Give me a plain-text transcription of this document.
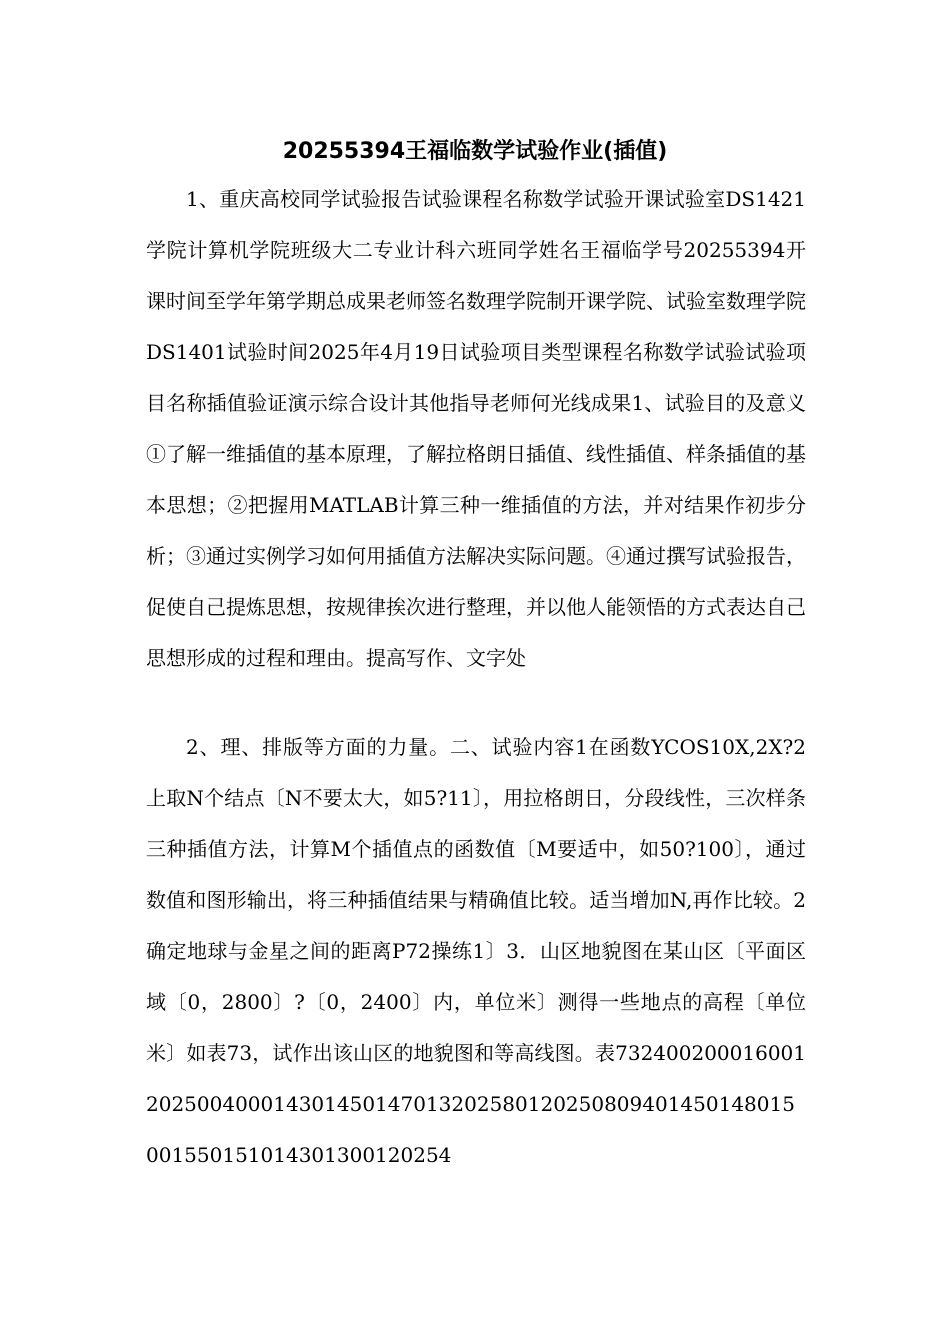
20255394王福临数学试验作业(插值)

1、重庆高校同学试验报告试验课程名称数学试验开课试验室DS1421学院计算机学院班级大二专业计科六班同学姓名王福临学号20255394开课时间至学年第学期总成果老师签名数理学院制开课学院、试验室数理学院DS1401试验时间2025年4月19日试验项目类型课程名称数学试验试验项目名称插值验证演示综合设计其他指导老师何光线成果1、试验目的及意义①了解一维插值的基本原理，了解拉格朗日插值、线性插值、样条插值的基本思想；②把握用MATLAB计算三种一维插值的方法，并对结果作初步分析；③通过实例学习如何用插值方法解决实际问题。④通过撰写试验报告，促使自己提炼思想，按规律挨次进行整理，并以他人能领悟的方式表达自己思想形成的过程和理由。提高写作、文字处

2、理、排版等方面的力量。二、试验内容1在函数YCOS10X,2X?2上取N个结点〔N不要太大，如5?11〕，用拉格朗日，分段线性，三次样条三种插值方法，计算M个插值点的函数值〔M要适中，如50?100〕，通过数值和图形输出，将三种插值结果与精确值比较。适当增加N,再作比较。2确定地球与金星之间的距离P72操练1〕3．山区地貌图在某山区〔平面区域〔0，2800〕?〔0，2400〕内，单位米〕测得一些地点的高程〔单位米〕如表73，试作出该山区的地貌图和等高线图。表732400200016001202500400014301450147013202580120250809401450148015001550151014301300120254
